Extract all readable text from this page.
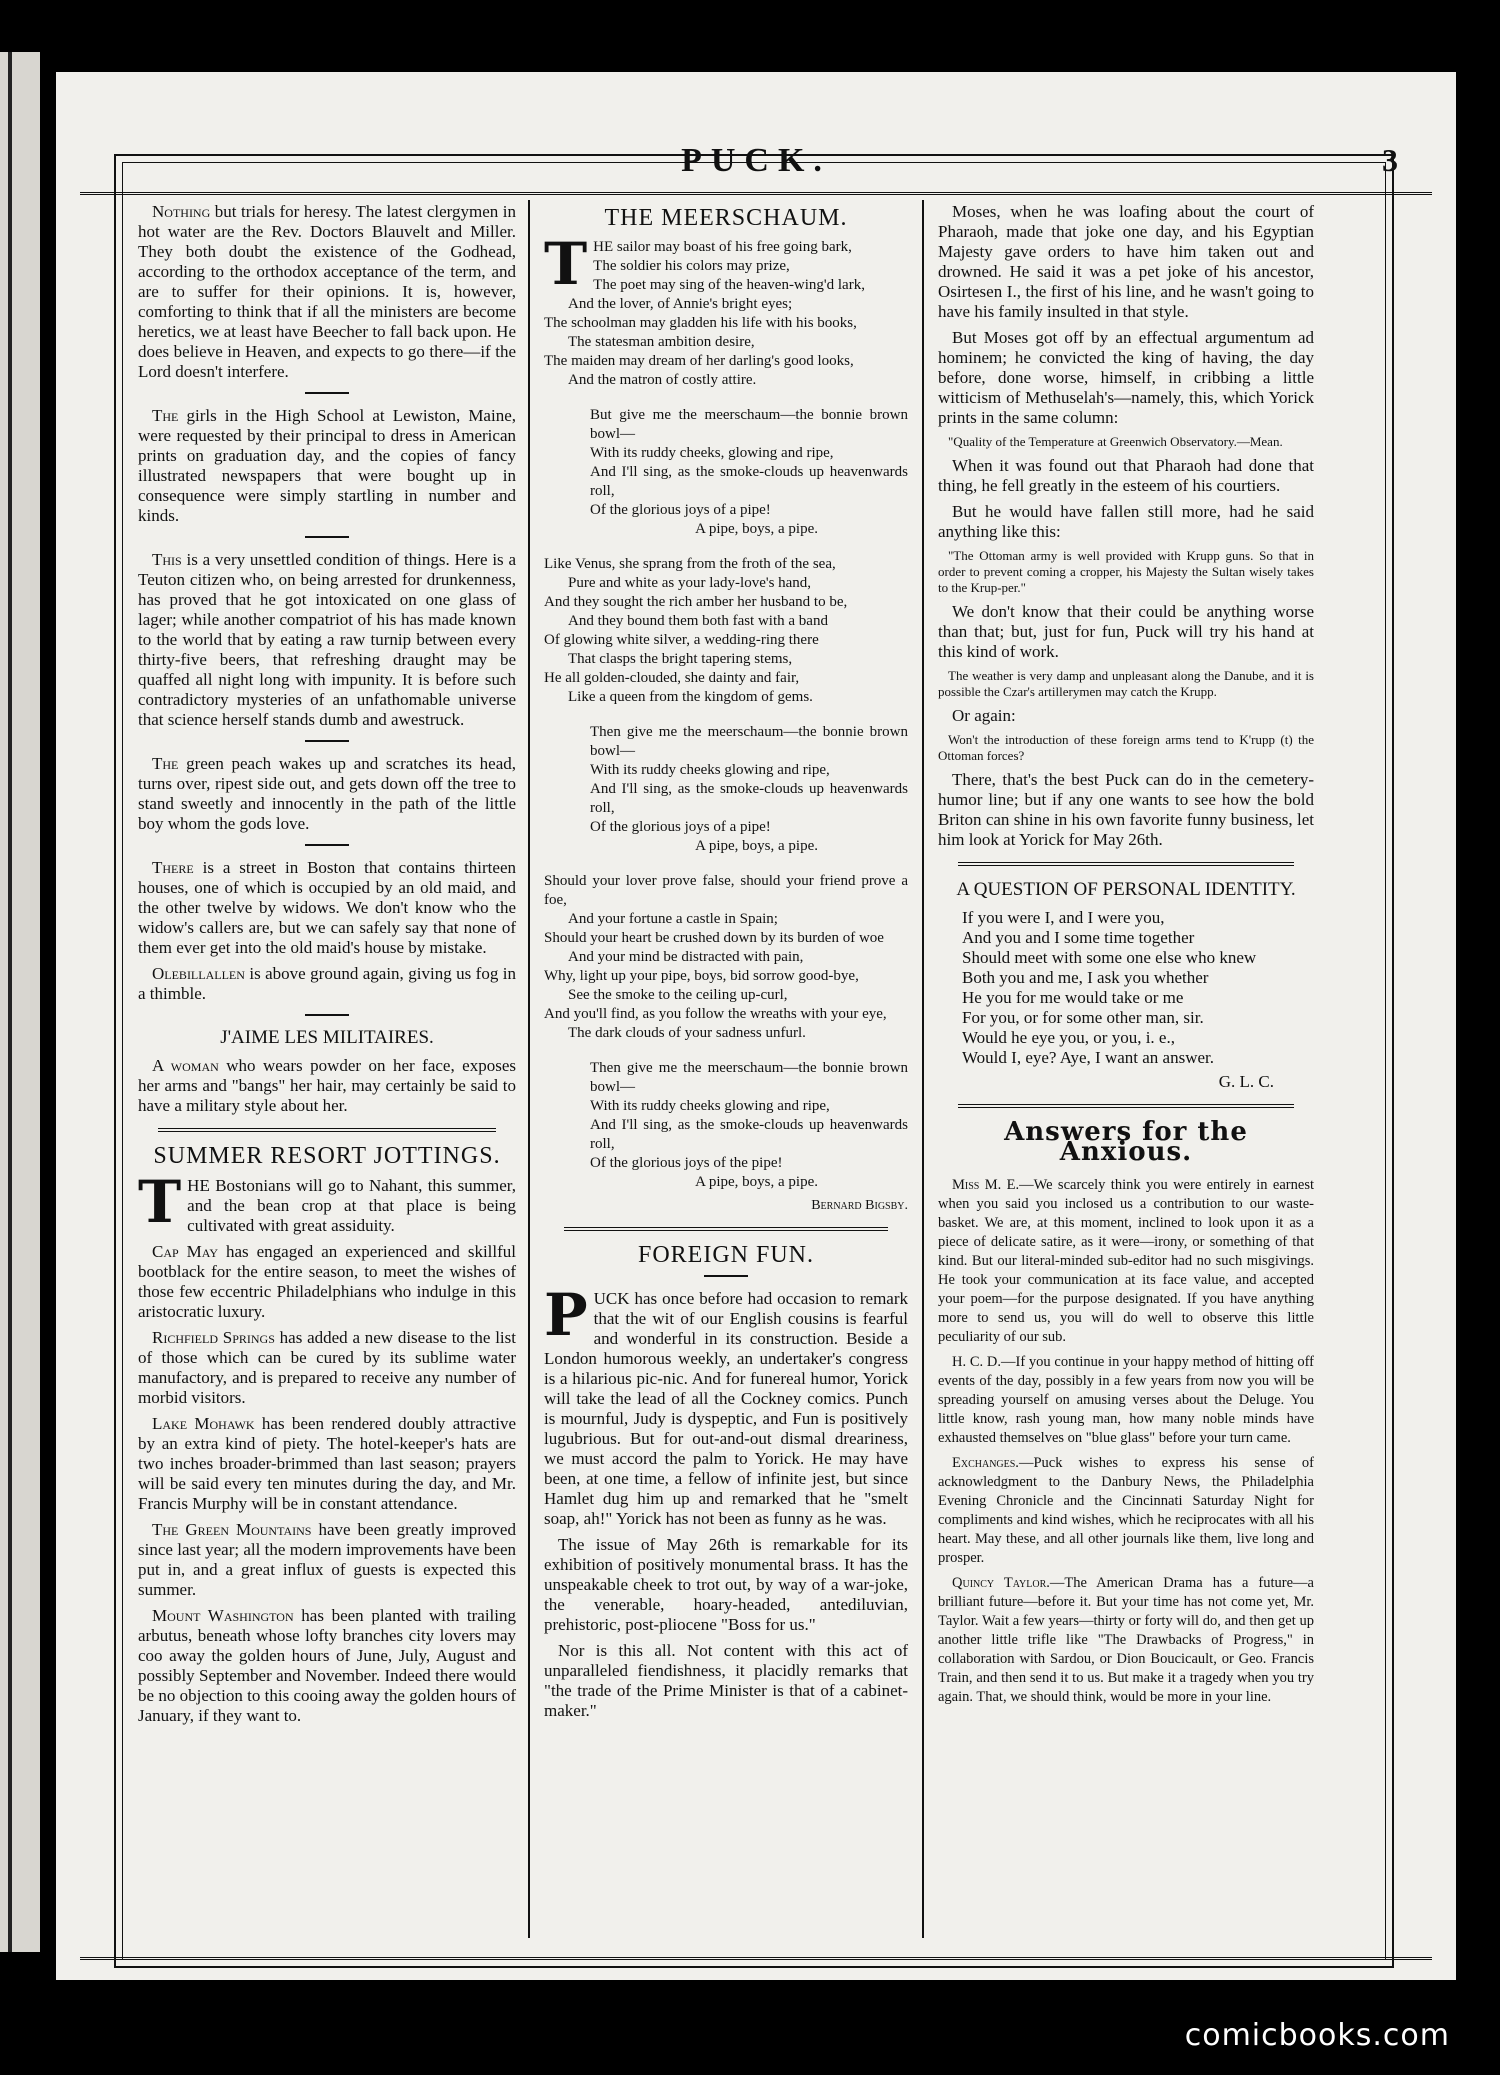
PUCK.	3

Nothing but trials for heresy. The latest clergymen in hot water are the Rev. Doctors Blauvelt and Miller. They both doubt the existence of the Godhead, according to the orthodox acceptance of the term, and are to suffer for their opinions. It is, however, comforting to think that if all the ministers are become heretics, we at least have Beecher to fall back upon. He does believe in Heaven, and expects to go there—if the Lord doesn't interfere.

The girls in the High School at Lewiston, Maine, were requested by their principal to dress in American prints on graduation day, and the copies of fancy illustrated newspapers that were bought up in consequence were simply startling in number and kinds.

This is a very unsettled condition of things. Here is a Teuton citizen who, on being arrested for drunkenness, has proved that he got intoxicated on one glass of lager; while another compatriot of his has made known to the world that by eating a raw turnip between every thirty-five beers, that refreshing draught may be quaffed all night long with impunity. It is before such contradictory mysteries of an unfathomable universe that science herself stands dumb and awestruck.

The green peach wakes up and scratches its head, turns over, ripest side out, and gets down off the tree to stand sweetly and innocently in the path of the little boy whom the gods love.

There is a street in Boston that contains thirteen houses, one of which is occupied by an old maid, and the other twelve by widows. We don't know who the widow's callers are, but we can safely say that none of them ever get into the old maid's house by mistake.

Olebillallen is above ground again, giving us fog in a thimble.

J'AIME LES MILITAIRES.

A woman who wears powder on her face, exposes her arms and "bangs" her hair, may certainly be said to have a military style about her.

SUMMER RESORT JOTTINGS.

THE Bostonians will go to Nahant, this summer, and the bean crop at that place is being cultivated with great assiduity.

Cap May has engaged an experienced and skillful bootblack for the entire season, to meet the wishes of those few eccentric Philadelphians who indulge in this aristocratic luxury.

Richfield Springs has added a new disease to the list of those which can be cured by its sublime water manufactory, and is prepared to receive any number of morbid visitors.

Lake Mohawk has been rendered doubly attractive by an extra kind of piety. The hotel-keeper's hats are two inches broader-brimmed than last season; prayers will be said every ten minutes during the day, and Mr. Francis Murphy will be in constant attendance.

The Green Mountains have been greatly improved since last year; all the modern improvements have been put in, and a great influx of guests is expected this summer.

Mount Washington has been planted with trailing arbutus, beneath whose lofty branches city lovers may coo away the golden hours of June, July, August and possibly September and November. Indeed there would be no objection to this cooing away the golden hours of January, if they want to.

THE MEERSCHAUM.
T HE sailor may boast of his free going bark,
The soldier his colors may prize,
The poet may sing of the heaven-wing'd lark,
And the lover, of Annie's bright eyes;
The schoolman may gladden his life with his books,
The statesman ambition desire,
The maiden may dream of her darling's good looks,
And the matron of costly attire.
But give me the meerschaum—the bonnie brown bowl—
With its ruddy cheeks, glowing and ripe,
And I'll sing, as the smoke-clouds up heavenwards roll,
Of the glorious joys of a pipe!
A pipe, boys, a pipe.
Like Venus, she sprang from the froth of the sea,
Pure and white as your lady-love's hand,
And they sought the rich amber her husband to be,
And they bound them both fast with a band
Of glowing white silver, a wedding-ring there
That clasps the bright tapering stems,
He all golden-clouded, she dainty and fair,
Like a queen from the kingdom of gems.
Then give me the meerschaum—the bonnie brown bowl—
With its ruddy cheeks glowing and ripe,
And I'll sing, as the smoke-clouds up heavenwards roll,
Of the glorious joys of a pipe!
A pipe, boys, a pipe.
Should your lover prove false, should your friend prove a foe,
And your fortune a castle in Spain;
Should your heart be crushed down by its burden of woe
And your mind be distracted with pain,
Why, light up your pipe, boys, bid sorrow good-bye,
See the smoke to the ceiling up-curl,
And you'll find, as you follow the wreaths with your eye,
The dark clouds of your sadness unfurl.
Then give me the meerschaum—the bonnie brown bowl—
With its ruddy cheeks glowing and ripe,
And I'll sing, as the smoke-clouds up heavenwards roll,
Of the glorious joys of the pipe!
A pipe, boys, a pipe.
Bernard Bigsby.
FOREIGN FUN.

PUCK has once before had occasion to remark that the wit of our English cousins is fearful and wonderful in its construction. Beside a London humorous weekly, an undertaker's congress is a hilarious pic-nic. And for funereal humor, Yorick will take the lead of all the Cockney comics. Punch is mournful, Judy is dyspeptic, and Fun is positively lugubrious. But for out-and-out dismal dreariness, we must accord the palm to Yorick. He may have been, at one time, a fellow of infinite jest, but since Hamlet dug him up and remarked that he "smelt soap, ah!" Yorick has not been as funny as he was.

The issue of May 26th is remarkable for its exhibition of positively monumental brass. It has the unspeakable cheek to trot out, by way of a war-joke, the venerable, hoary-headed, antediluvian, prehistoric, post-pliocene "Boss for us."

Nor is this all. Not content with this act of unparalleled fiendishness, it placidly remarks that "the trade of the Prime Minister is that of a cabinet-maker."

Moses, when he was loafing about the court of Pharaoh, made that joke one day, and his Egyptian Majesty gave orders to have him taken out and drowned. He said it was a pet joke of his ancestor, Osirtesen I., the first of his line, and he wasn't going to have his family insulted in that style.

But Moses got off by an effectual argumentum ad hominem; he convicted the king of having, the day before, done worse, himself, in cribbing a little witticism of Methuselah's—namely, this, which Yorick prints in the same column:

"Quality of the Temperature at Greenwich Observatory.—Mean.

When it was found out that Pharaoh had done that thing, he fell greatly in the esteem of his courtiers.

But he would have fallen still more, had he said anything like this:

"The Ottoman army is well provided with Krupp guns. So that in order to prevent coming a cropper, his Majesty the Sultan wisely takes to the Krup-per."

We don't know that their could be anything worse than that; but, just for fun, Puck will try his hand at this kind of work.

The weather is very damp and unpleasant along the Danube, and it is possible the Czar's artillerymen may catch the Krupp.

Or again:

Won't the introduction of these foreign arms tend to K'rupp (t) the Ottoman forces?

There, that's the best Puck can do in the cemetery-humor line; but if any one wants to see how the bold Briton can shine in his own favorite funny business, let him look at Yorick for May 26th.

A QUESTION OF PERSONAL IDENTITY.
If you were I, and I were you,
And you and I some time together
Should meet with some one else who knew
Both you and me, I ask you whether
He you for me would take or me
For you, or for some other man, sir.
Would he eye you, or you, i. e.,
Would I, eye? Aye, I want an answer.
G. L. C.
Answers for the Anxious.

Miss M. E.—We scarcely think you were entirely in earnest when you said you inclosed us a contribution to our waste-basket. We are, at this moment, inclined to look upon it as a piece of delicate satire, as it were—irony, or something of that kind. But our literal-minded sub-editor had no such misgivings. He took your communication at its face value, and accepted your poem—for the purpose designated. If you have anything more to send us, you will do well to observe this little peculiarity of our sub.

H. C. D.—If you continue in your happy method of hitting off events of the day, possibly in a few years from now you will be spreading yourself on amusing verses about the Deluge. You little know, rash young man, how many noble minds have exhausted themselves on "blue glass" before your turn came.

Exchanges.—Puck wishes to express his sense of acknowledgment to the Danbury News, the Philadelphia Evening Chronicle and the Cincinnati Saturday Night for compliments and kind wishes, which he reciprocates with all his heart. May these, and all other journals like them, live long and prosper.

Quincy Taylor.—The American Drama has a future—a brilliant future—before it. But your time has not come yet, Mr. Taylor. Wait a few years—thirty or forty will do, and then get up another little trifle like "The Drawbacks of Progress," in collaboration with Sardou, or Dion Boucicault, or Geo. Francis Train, and then send it to us. But make it a tragedy when you try again. That, we should think, would be more in your line.

comicbooks.com
